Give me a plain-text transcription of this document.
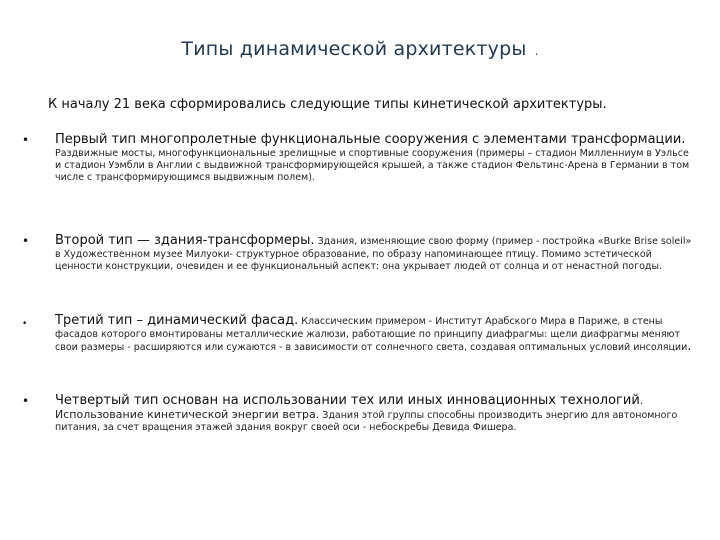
Типы динамической архитектуры .
К началу 21 века сформировались следующие типы кинетической архитектуры.
• Первый тип многопролетные функциональные сооружения с элементами трансформации. Раздвижные мосты, многофункциональные зрелищные и спортивные сооружения (примеры – стадион Милленниум в Уэльсе и стадион Уэмбли в Англии с выдвижной трансформирующейся крышей, а также стадион Фельтинс-Арена в Германии в том числе с трансформирующимся выдвижным полем).
• Второй тип — здания-трансформеры. Здания, изменяющие свою форму (пример - постройка «Burke Brise soleil» в Художественном музее Милуоки- структурное образование, по образу напоминающее птицу. Помимо эстетической ценности конструкции, очевиден и ее функциональный аспект: она укрывает людей от солнца и от ненастной погоды.
• Третий тип – динамический фасад. Классическим примером - Институт Арабского Мира в Париже, в стены фасадов которого вмонтированы металлические жалюзи, работающие по принципу диафрагмы: щели диафрагмы меняют свои размеры - расширяются или сужаются - в зависимости от солнечного света, создавая оптимальных условий инсоляции.
• Четвертый тип основан на использовании тех или иных инновационных технологий. Использование кинетической энергии ветра. Здания этой группы способны производить энергию для автономного питания, за счет вращения этажей здания вокруг своей оси - небоскребы Девида Фишера.
